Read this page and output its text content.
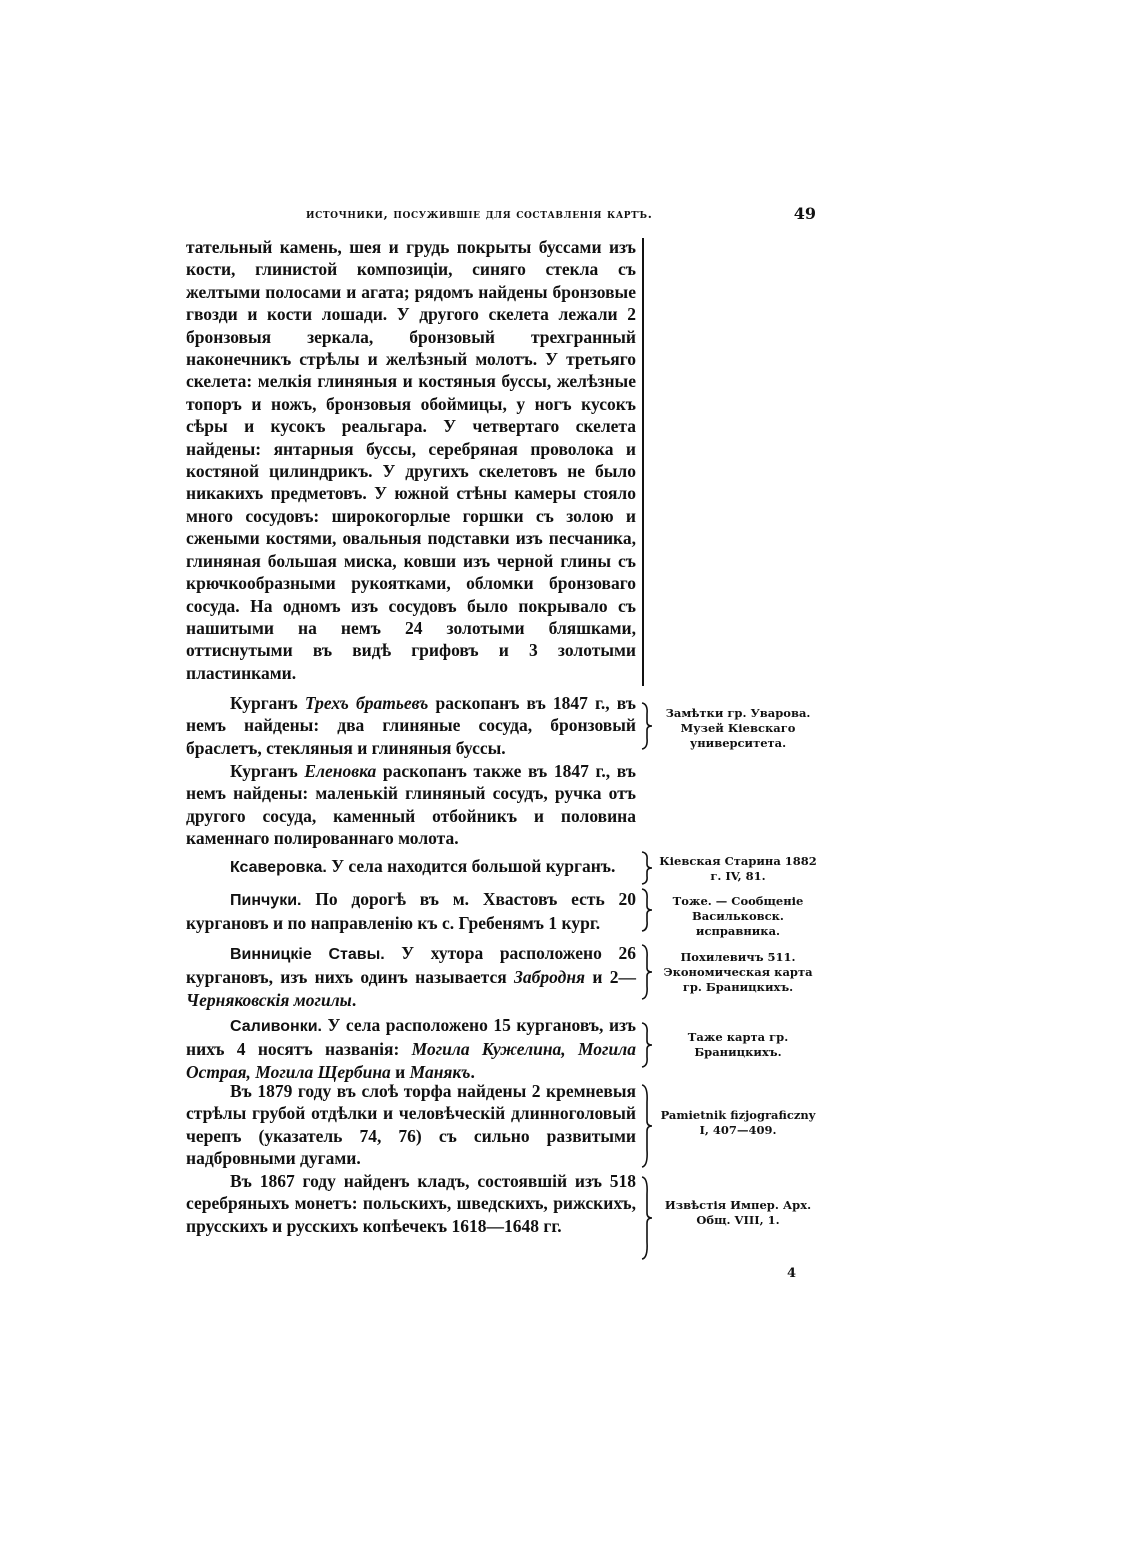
источники, посужившіе для составленія картъ.	49

тательный камень, шея и грудь покрыты буссами изъ кости, глинистой композиціи, синяго стекла съ желтыми полосами и агата; рядомъ найдены бронзовые гвозди и кости лошади. У другого скелета лежали 2 бронзовыя зеркала, бронзовый трехгранный наконечникъ стрѣлы и желѣзный молотъ. У третьяго скелета: мелкія глиняныя и костяныя буссы, желѣзные топоръ и ножъ, бронзовыя обоймицы, у ногъ кусокъ сѣры и кусокъ реальгара. У четвертаго скелета найдены: янтарныя буссы, серебряная проволока и костяной цилиндрикъ. У другихъ скелетовъ не было никакихъ предметовъ. У южной стѣны камеры стояло много сосудовъ: широкогорлые горшки съ золою и сжеными костями, овальныя подставки изъ песчаника, глиняная большая миска, ковши изъ черной глины съ крючкообразными рукоятками, обломки бронзоваго сосуда. На одномъ изъ сосудовъ было покрывало съ нашитыми на немъ 24 золотыми бляшками, оттиснутыми въ видѣ грифовъ и 3 золотыми пластинками.

Курганъ Трехъ братьевъ раскопанъ въ 1847 г., въ немъ найдены: два глиняные сосуда, бронзовый браслетъ, стекляныя и глиняныя буссы.

Замѣтки гр. Уварова. Музей Кіевскаго университета.

Курганъ Еленовка раскопанъ также въ 1847 г., въ немъ найдены: маленькій глиняный сосудъ, ручка отъ другого сосуда, каменный отбойникъ и половина каменнаго полированнаго молота.

Ксаверовка. У села находится большой курганъ.	Кіевская Старина 1882 г. IV, 81.

Пинчуки. По дорогѣ въ м. Хвастовъ есть 20 кургановъ и по направленію къ с. Гребенямъ 1 кург.

Тоже. — Сообщеніе Васильковск. исправника.

Винницкіе Ставы. У хутора расположено 26 кургановъ, изъ нихъ одинъ называется Забродня и 2—Черняковскія могилы.

Похилевичъ 511. Экономическая карта гр. Браницкихъ.

Саливонки. У села расположено 15 кургановъ, изъ нихъ 4 носятъ названія: Могила Кужелина, Могила Острая, Могила Щербина и Манякъ.

Таже карта гр. Браницкихъ.

Въ 1879 году въ слоѣ торфа найдены 2 кремневыя стрѣлы грубой отдѣлки и человѣческій длинноголовый черепъ (указатель 74, 76) съ сильно развитыми надбровными дугами.

Pamietnik fizjograficzny I, 407—409.

Въ 1867 году найденъ кладъ, состоявшій изъ 518 серебряныхъ монетъ: польскихъ, шведскихъ, рижскихъ, прусскихъ и русскихъ копѣечекъ 1618—1648 гг.

Извѣстія Импер. Арх. Общ. VIII, 1.
4
